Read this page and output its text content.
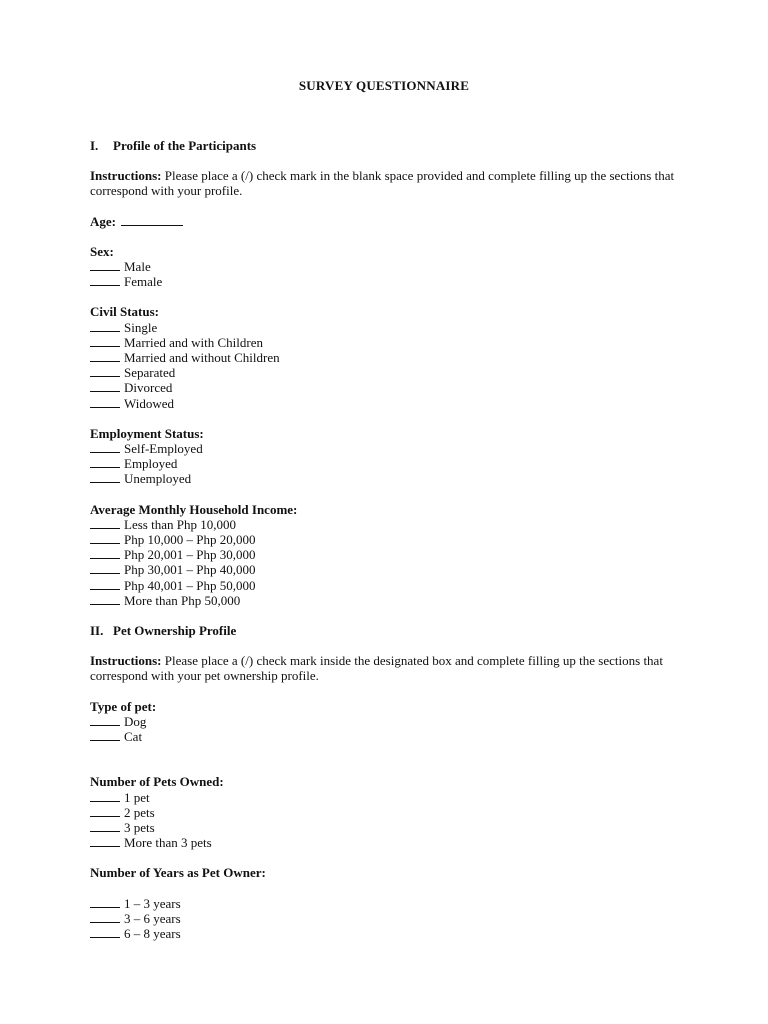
SURVEY QUESTIONNAIRE

I. Profile of the Participants

Instructions: Please place a (/) check mark in the blank space provided and complete filling up the sections that correspond with your profile.

Age:

Sex:

Male

Female

Civil Status:

Single

Married and with Children

Married and without Children

Separated

Divorced

Widowed

Employment Status:

Self-Employed

Employed

Unemployed

Average Monthly Household Income:

Less than Php 10,000

Php 10,000 – Php 20,000

Php 20,001 – Php 30,000

Php 30,001 – Php 40,000

Php 40,001 – Php 50,000

More than Php 50,000

II. Pet Ownership Profile

Instructions: Please place a (/) check mark inside the designated box and complete filling up the sections that correspond with your pet ownership profile.

Type of pet:

Dog

Cat

Number of Pets Owned:

1 pet

2 pets

3 pets

More than 3 pets

Number of Years as Pet Owner:

1 – 3 years

3 – 6 years

6 – 8 years
